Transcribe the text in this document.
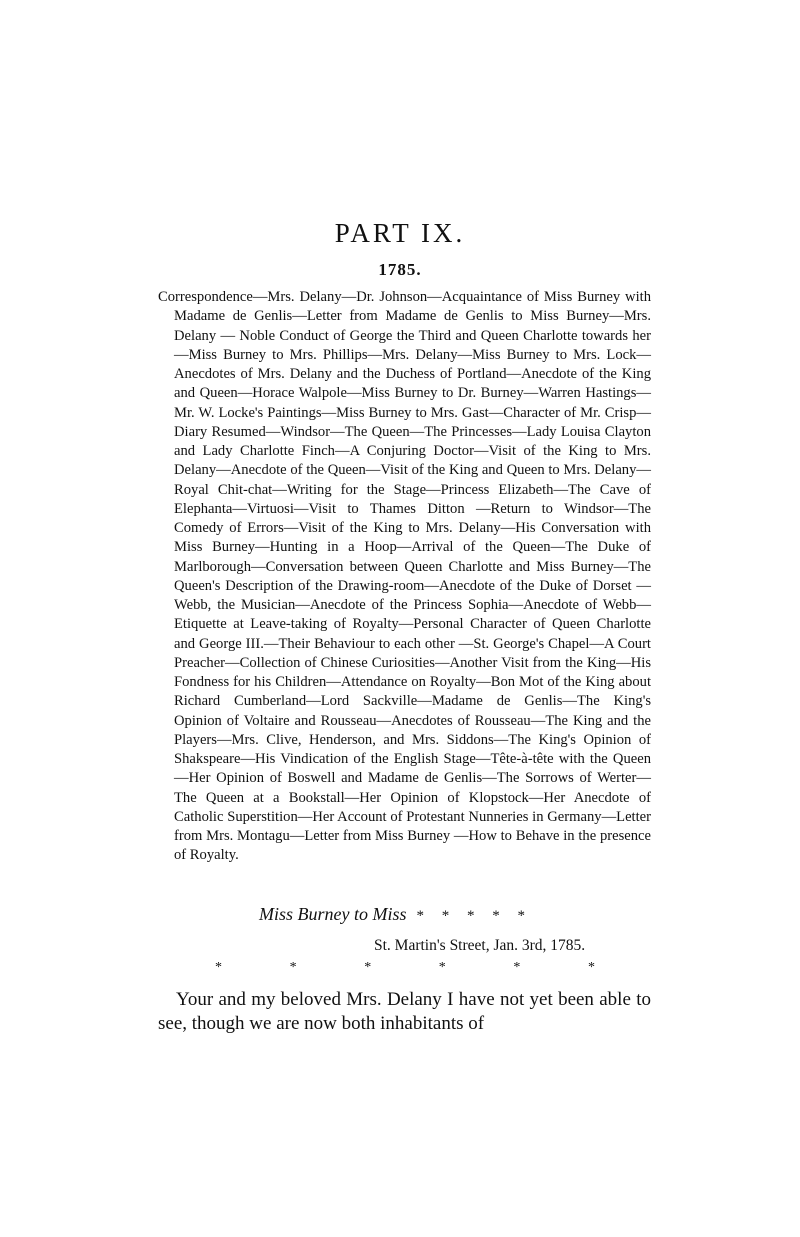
PART IX.
1785.

Correspondence—Mrs. Delany—Dr. Johnson—Acquaintance of Miss Burney with Madame de Genlis—Letter from Madame de Genlis to Miss Burney—Mrs. Delany — Noble Conduct of George the Third and Queen Charlotte towards her—Miss Burney to Mrs. Phillips—Mrs. Delany—Miss Burney to Mrs. Lock—Anecdotes of Mrs. Delany and the Duchess of Portland—Anecdote of the King and Queen—Horace Walpole—Miss Burney to Dr. Burney—Warren Hastings—Mr. W. Locke's Paintings—Miss Burney to Mrs. Gast—Character of Mr. Crisp—Diary Resumed—Windsor—The Queen—The Princesses—Lady Louisa Clayton and Lady Charlotte Finch—A Conjuring Doctor—Visit of the King to Mrs. Delany—Anecdote of the Queen—Visit of the King and Queen to Mrs. Delany—Royal Chit-chat—Writing for the Stage—Princess Elizabeth—The Cave of Elephanta—Virtuosi—Visit to Thames Ditton —Return to Windsor—The Comedy of Errors—Visit of the King to Mrs. Delany—His Conversation with Miss Burney—Hunting in a Hoop—Arrival of the Queen—The Duke of Marlborough—Conversation between Queen Charlotte and Miss Burney—The Queen's Description of the Drawing-room—Anecdote of the Duke of Dorset —Webb, the Musician—Anecdote of the Princess Sophia—Anecdote of Webb—Etiquette at Leave-taking of Royalty—Personal Character of Queen Charlotte and George III.—Their Behaviour to each other —St. George's Chapel—A Court Preacher—Collection of Chinese Curiosities—Another Visit from the King—His Fondness for his Children—Attendance on Royalty—Bon Mot of the King about Richard Cumberland—Lord Sackville—Madame de Genlis—The King's Opinion of Voltaire and Rousseau—Anecdotes of Rousseau—The King and the Players—Mrs. Clive, Henderson, and Mrs. Siddons—The King's Opinion of Shakspeare—His Vindication of the English Stage—Tête-à-tête with the Queen—Her Opinion of Boswell and Madame de Genlis—The Sorrows of Werter—The Queen at a Bookstall—Her Opinion of Klopstock—Her Anecdote of Catholic Superstition—Her Account of Protestant Nunneries in Germany—Letter from Mrs. Montagu—Letter from Miss Burney —How to Behave in the presence of Royalty.

Miss Burney to Miss * * * * *

St. Martin's Street, Jan. 3rd, 1785.

*	*	*	*	*	*

Your and my beloved Mrs. Delany I have not yet been able to see, though we are now both inhabitants of
